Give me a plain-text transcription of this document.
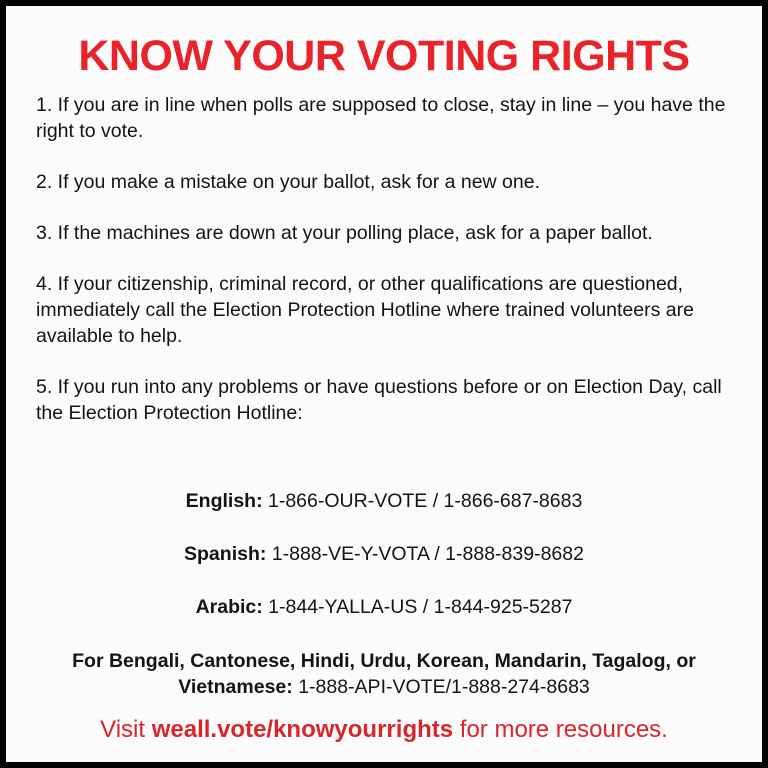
KNOW YOUR VOTING RIGHTS
1. If you are in line when polls are supposed to close, stay in line – you have the right to vote.
2. If you make a mistake on your ballot, ask for a new one.
3. If the machines are down at your polling place, ask for a paper ballot.
4. If your citizenship, criminal record, or other qualifications are questioned, immediately call the Election Protection Hotline where trained volunteers are available to help.
5. If you run into any problems or have questions before or on Election Day, call the Election Protection Hotline:
English: 1-866-OUR-VOTE / 1-866-687-8683
Spanish: 1-888-VE-Y-VOTA / 1-888-839-8682
Arabic: 1-844-YALLA-US / 1-844-925-5287
For Bengali, Cantonese, Hindi, Urdu, Korean, Mandarin, Tagalog, or Vietnamese: 1-888-API-VOTE/1-888-274-8683
Visit weall.vote/knowyourrights for more resources.
